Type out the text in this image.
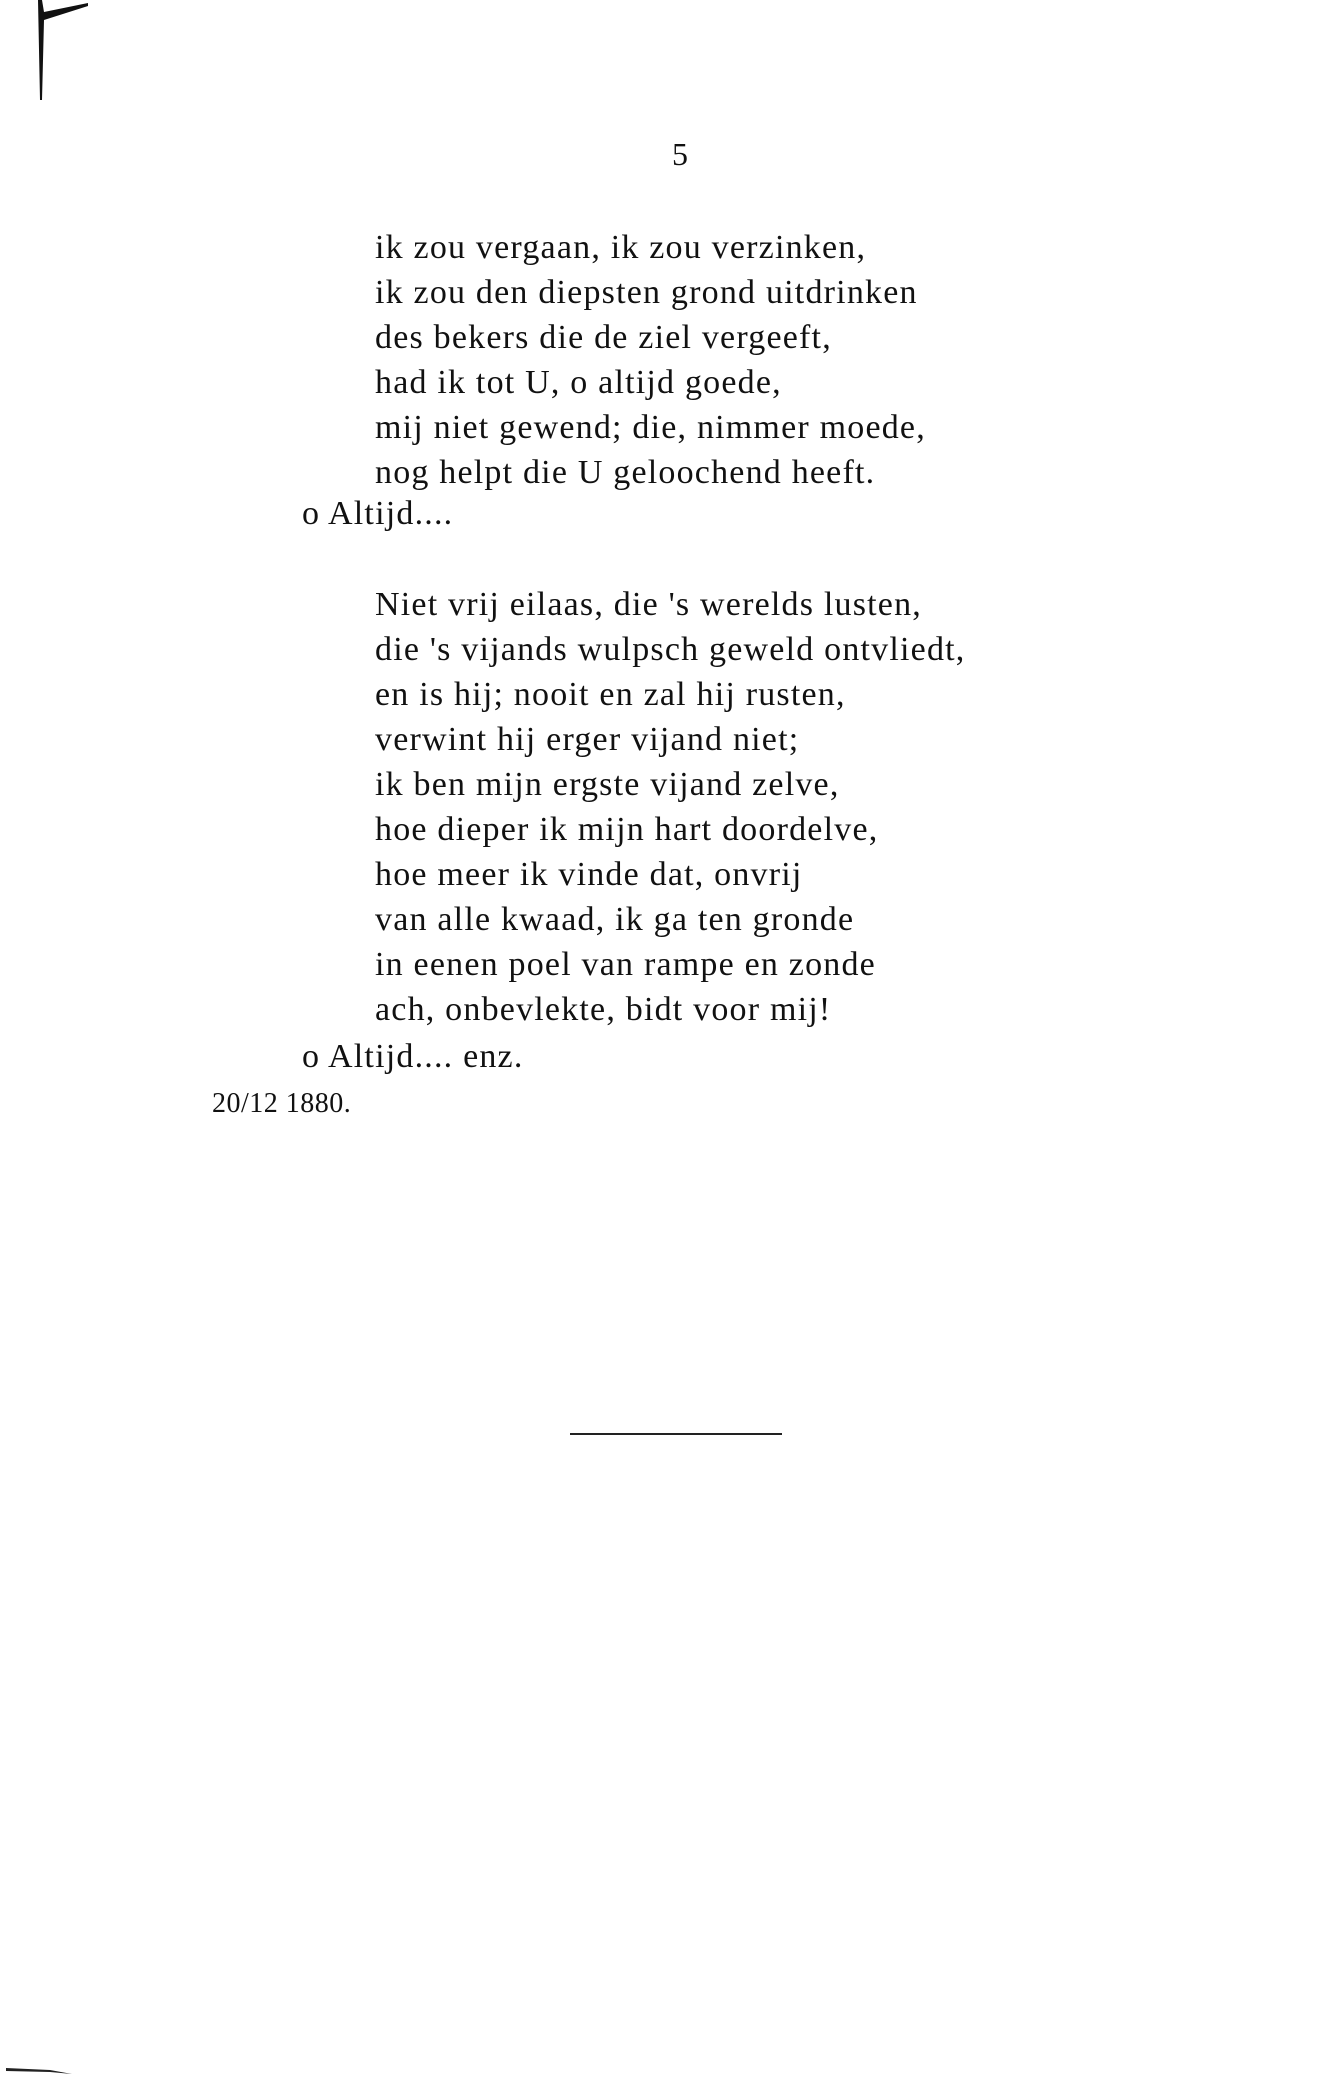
5
ik zou vergaan, ik zou verzinken,
ik zou den diepsten grond uitdrinken
des bekers die de ziel vergeeft,
had ik tot U, o altijd goede,
mij niet gewend; die, nimmer moede,
nog helpt die U geloochend heeft.
o Altijd....
Niet vrij eilaas, die 's werelds lusten,
die 's vijands wulpsch geweld ontvliedt,
en is hij; nooit en zal hij rusten,
verwint hij erger vijand niet;
ik ben mijn ergste vijand zelve,
hoe dieper ik mijn hart doordelve,
hoe meer ik vinde dat, onvrij
van alle kwaad, ik ga ten gronde
in eenen poel van rampe en zonde
ach, onbevlekte, bidt voor mij!
o Altijd.... enz.
20/12 1880.
